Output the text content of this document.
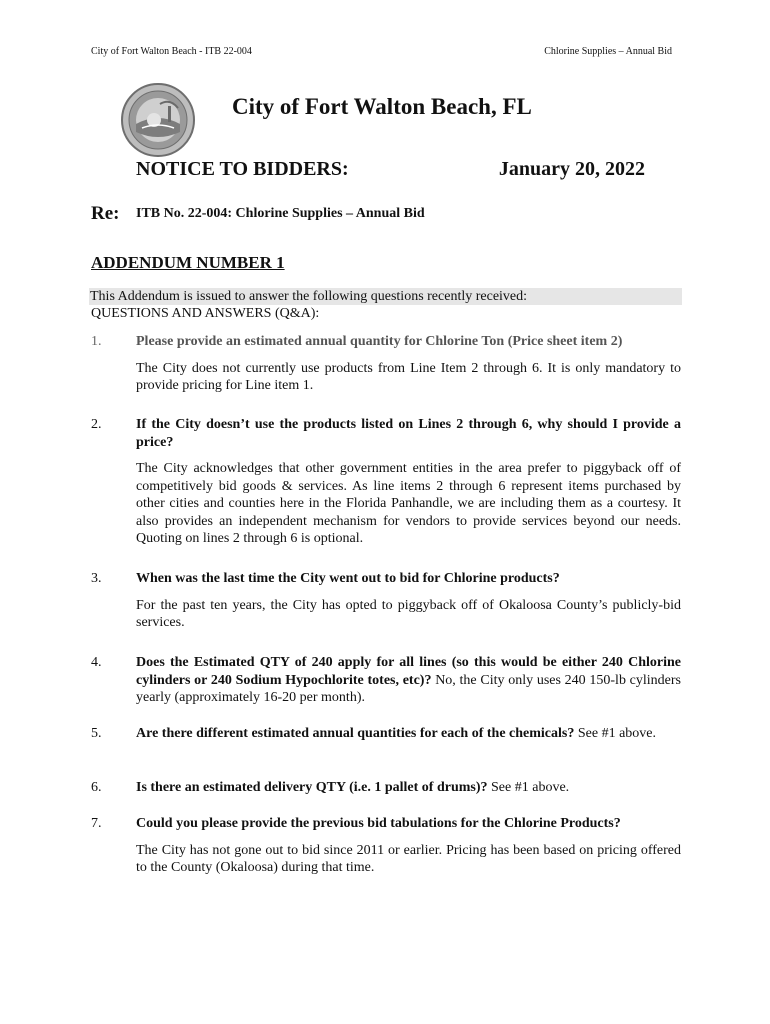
City of Fort Walton Beach - ITB 22-004	Chlorine Supplies – Annual Bid
City of Fort Walton Beach, FL
NOTICE TO BIDDERS:	January 20, 2022
Re: ITB No. 22-004: Chlorine Supplies – Annual Bid
ADDENDUM NUMBER 1
This Addendum is issued to answer the following questions recently received:
QUESTIONS AND ANSWERS (Q&A):
1.	Please provide an estimated annual quantity for Chlorine Ton (Price sheet item 2)
The City does not currently use products from Line Item 2 through 6. It is only mandatory to provide pricing for Line item 1.
2.	If the City doesn’t use the products listed on Lines 2 through 6, why should I provide a price?
The City acknowledges that other government entities in the area prefer to piggyback off of competitively bid goods & services. As line items 2 through 6 represent items purchased by other cities and counties here in the Florida Panhandle, we are including them as a courtesy. It also provides an independent mechanism for vendors to provide services beyond our needs. Quoting on lines 2 through 6 is optional.
3.	When was the last time the City went out to bid for Chlorine products?
For the past ten years, the City has opted to piggyback off of Okaloosa County’s publicly-bid services.
4.	Does the Estimated QTY of 240 apply for all lines (so this would be either 240 Chlorine cylinders or 240 Sodium Hypochlorite totes, etc)? No, the City only uses 240 150-lb cylinders yearly (approximately 16-20 per month).
5.	Are there different estimated annual quantities for each of the chemicals? See #1 above.
6.	Is there an estimated delivery QTY (i.e. 1 pallet of drums)? See #1 above.
7.	Could you please provide the previous bid tabulations for the Chlorine Products?
The City has not gone out to bid since 2011 or earlier. Pricing has been based on pricing offered to the County (Okaloosa) during that time.
